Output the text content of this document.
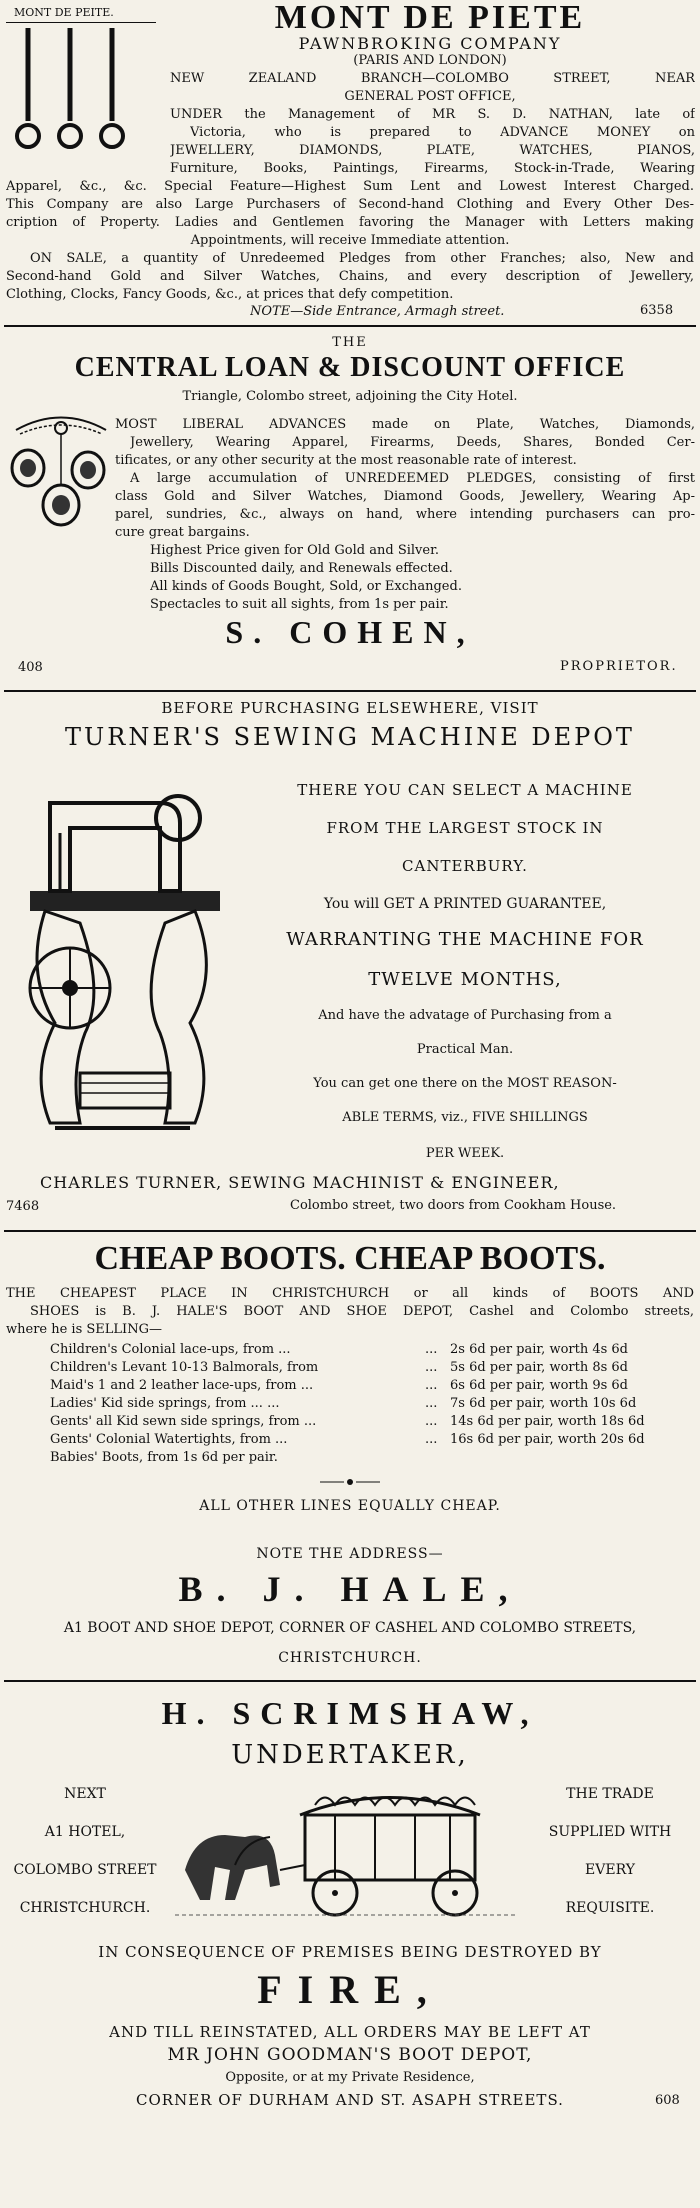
MONT DE PEITE.	MONT DE PIETE
PAWNBROKING COMPANY
(PARIS AND LONDON)
NEW ZEALAND BRANCH—COLOMBO STREET, NEAR
GENERAL POST OFFICE,
UNDER the Management of MR S. D. NATHAN, late of
Victoria, who is prepared to ADVANCE MONEY on
JEWELLERY, DIAMONDS, PLATE, WATCHES, PIANOS,
Furniture, Books, Paintings, Firearms, Stock-in-Trade, Wearing
Apparel, &c., &c. Special Feature—Highest Sum Lent and Lowest Interest Charged.
This Company are also Large Purchasers of Second-hand Clothing and Every Other Des-
cription of Property. Ladies and Gentlemen favoring the Manager with Letters making
Appointments, will receive Immediate attention.
ON SALE, a quantity of Unredeemed Pledges from other Franches; also, New and
Second-hand Gold and Silver Watches, Chains, and every description of Jewellery,
Clothing, Clocks, Fancy Goods, &c., at prices that defy competition.
NOTE—Side Entrance, Armagh street.	6358
THE
CENTRAL LOAN & DISCOUNT OFFICE
Triangle, Colombo street, adjoining the City Hotel.
MOST LIBERAL ADVANCES made on Plate, Watches, Diamonds,
Jewellery, Wearing Apparel, Firearms, Deeds, Shares, Bonded Cer-
tificates, or any other security at the most reasonable rate of interest.
A large accumulation of UNREDEEMED PLEDGES, consisting of first
class Gold and Silver Watches, Diamond Goods, Jewellery, Wearing Ap-
parel, sundries, &c., always on hand, where intending purchasers can pro-
cure great bargains.
Highest Price given for Old Gold and Silver.
Bills Discounted daily, and Renewals effected.
All kinds of Goods Bought, Sold, or Exchanged.
Spectacles to suit all sights, from 1s per pair.
S. COHEN,
408	PROPRIETOR.
BEFORE PURCHASING ELSEWHERE, VISIT
TURNER'S SEWING MACHINE DEPOT
THERE YOU CAN SELECT A MACHINE
FROM THE LARGEST STOCK IN
CANTERBURY.
You will GET A PRINTED GUARANTEE,
WARRANTING THE MACHINE FOR
TWELVE MONTHS,
And have the advatage of Purchasing from a
Practical Man.
You can get one there on the MOST REASON-
ABLE TERMS, viz., FIVE SHILLINGS
PER WEEK.
CHARLES TURNER, SEWING MACHINIST & ENGINEER,
7468	Colombo street, two doors from Cookham House.
CHEAP BOOTS. CHEAP BOOTS.
THE CHEAPEST PLACE IN CHRISTCHURCH or all kinds of BOOTS AND
SHOES is B. J. HALE'S BOOT AND SHOE DEPOT, Cashel and Colombo streets,
where he is SELLING—
Children's Colonial lace-ups, from ...	... 2s 6d per pair, worth 4s 6d
Children's Levant 10-13 Balmorals, from	... 5s 6d per pair, worth 8s 6d
Maid's 1 and 2 leather lace-ups, from ...	... 6s 6d per pair, worth 9s 6d
Ladies' Kid side springs, from ... ...	... 7s 6d per pair, worth 10s 6d
Gents' all Kid sewn side springs, from ...	... 14s 6d per pair, worth 18s 6d
Gents' Colonial Watertights, from ...	... 16s 6d per pair, worth 20s 6d
Babies' Boots, from 1s 6d per pair.
ALL OTHER LINES EQUALLY CHEAP.
NOTE THE ADDRESS—
B. J. HALE,
A1 BOOT AND SHOE DEPOT, CORNER OF CASHEL AND COLOMBO STREETS,
CHRISTCHURCH.
H. SCRIMSHAW,
UNDERTAKER,
NEXT
A1 HOTEL,
COLOMBO STREET
CHRISTCHURCH.
THE TRADE
SUPPLIED WITH
EVERY
REQUISITE.
IN CONSEQUENCE OF PREMISES BEING DESTROYED BY
FIRE,
AND TILL REINSTATED, ALL ORDERS MAY BE LEFT AT
MR JOHN GOODMAN'S BOOT DEPOT,
Opposite, or at my Private Residence,
CORNER OF DURHAM AND ST. ASAPH STREETS.	608
